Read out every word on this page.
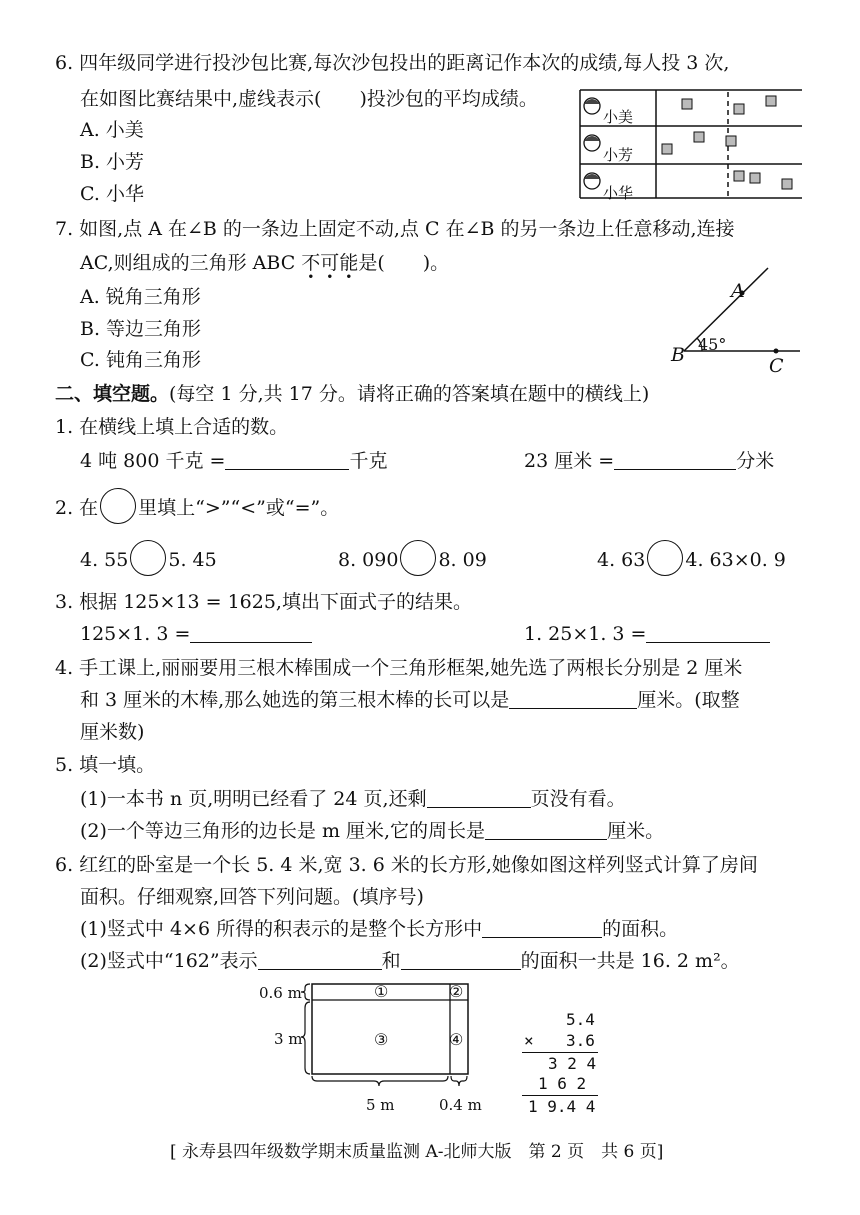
6. 四年级同学进行投沙包比赛,每次沙包投出的距离记作本次的成绩,每人投 3 次,
在如图比赛结果中,虚线表示(　　)投沙包的平均成绩。
A. 小美
B. 小芳
C. 小华
小美
小芳
小华
7. 如图,点 A 在∠B 的一条边上固定不动,点 C 在∠B 的另一条边上任意移动,连接
AC,则组成的三角形 ABC 不可能是(　　)。
A. 锐角三角形
B. 等边三角形
C. 钝角三角形
A
B	C
45°
二、填空题。(每空 1 分,共 17 分。请将正确的答案填在题中的横线上)
1. 在横线上填上合适的数。
4 吨 800 千克 =	千克	23 厘米 =	分米
2. 在 里填上“>”“<”或“=”。
4. 55 5. 45	8. 090 8. 09	4. 63 4. 63×0. 9
3. 根据 125×13 = 1625,填出下面式子的结果。
125×1. 3 =	1. 25×1. 3 =
4. 手工课上,丽丽要用三根木棒围成一个三角形框架,她先选了两根长分别是 2 厘米
和 3 厘米的木棒,那么她选的第三根木棒的长可以是	厘米。(取整
厘米数)
5. 填一填。
(1)一本书 n 页,明明已经看了 24 页,还剩	页没有看。
(2)一个等边三角形的边长是 m 厘米,它的周长是	厘米。
6. 红红的卧室是一个长 5. 4 米,宽 3. 6 米的长方形,她像如图这样列竖式计算了房间
面积。仔细观察,回答下列问题。(填序号)
(1)竖式中 4×6 所得的积表示的是整个长方形中	的面积。
(2)竖式中“162”表示	和	的面积一共是 16. 2 m²。
0.6 m
3 m
5 m	0.4 m
①	②
③	④
5.4
× 3.6
3 2 4
1 6 2
1 9.4 4
[ 永寿县四年级数学期末质量监测 A-北师大版　第 2 页　共 6 页]
